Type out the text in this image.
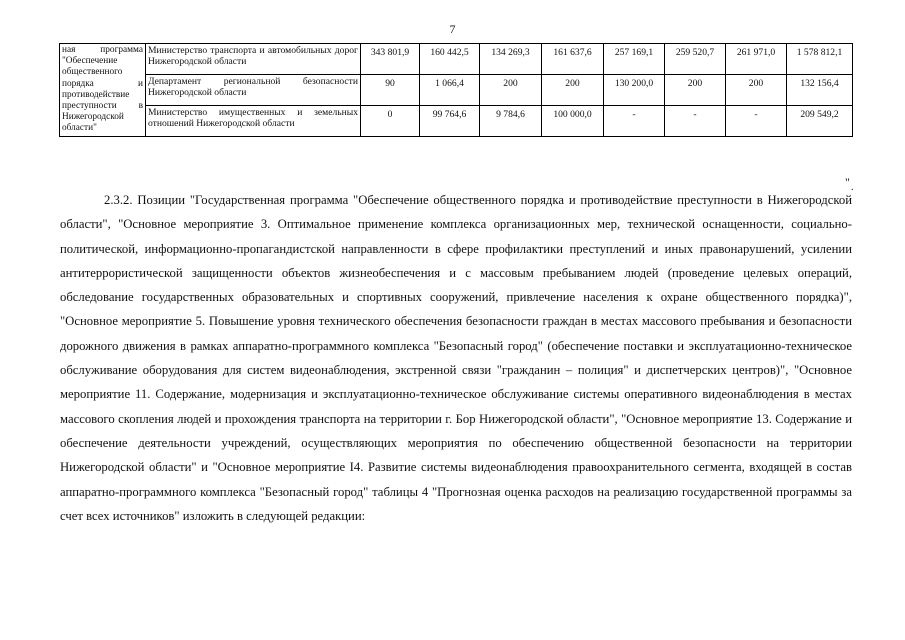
7
ная программа "Обеспечение общественного порядка и противодействие преступности в Нижегородской области"	Министерство транспорта и автомобильных дорог Нижегородской области	343 801,9	160 442,5	134 269,3	161 637,6	257 169,1	259 520,7	261 971,0	1 578 812,1
	Департамент региональной безопасности Нижегородской области	90	1 066,4	200	200	130 200,0	200	200	132 156,4
	Министерство имущественных и земельных отношений Нижегородской области	0	99 764,6	9 784,6	100 000,0	-	-	-	209 549,2
" .

2.3.2. Позиции "Государственная программа "Обеспечение общественного порядка и противодействие преступности в Нижегородской области", "Основное мероприятие 3. Оптимальное применение комплекса организационных мер, технической оснащенности, социально-политической, информационно-пропагандистской направленности в сфере профилактики преступлений и иных правонарушений, усилении антитеррористической защищенности объектов жизнеобеспечения и с массовым пребыванием людей (проведение целевых операций, обследование государственных образовательных и спортивных сооружений, привлечение населения к охране общественного порядка)", "Основное мероприятие 5. Повышение уровня технического обеспечения безопасности граждан в местах массового пребывания и безопасности дорожного движения в рамках аппаратно-программного комплекса "Безопасный город" (обеспечение поставки и эксплуатационно-техническое обслуживание оборудования для систем видеонаблюдения, экстренной связи "гражданин – полиция" и диспетчерских центров)", "Основное мероприятие 11. Содержание, модернизация и эксплуатационно-техническое обслуживание системы оперативного видеонаблюдения в местах массового скопления людей и прохождения транспорта на территории г. Бор Нижегородской области", "Основное мероприятие 13. Содержание и обеспечение деятельности учреждений, осуществляющих мероприятия по обеспечению общественной безопасности на территории Нижегородской области" и "Основное мероприятие I4. Развитие системы видеонаблюдения правоохранительного сегмента, входящей в состав аппаратно-программного комплекса "Безопасный город" таблицы 4 "Прогнозная оценка расходов на реализацию государственной программы за счет всех источников" изложить в следующей редакции:
